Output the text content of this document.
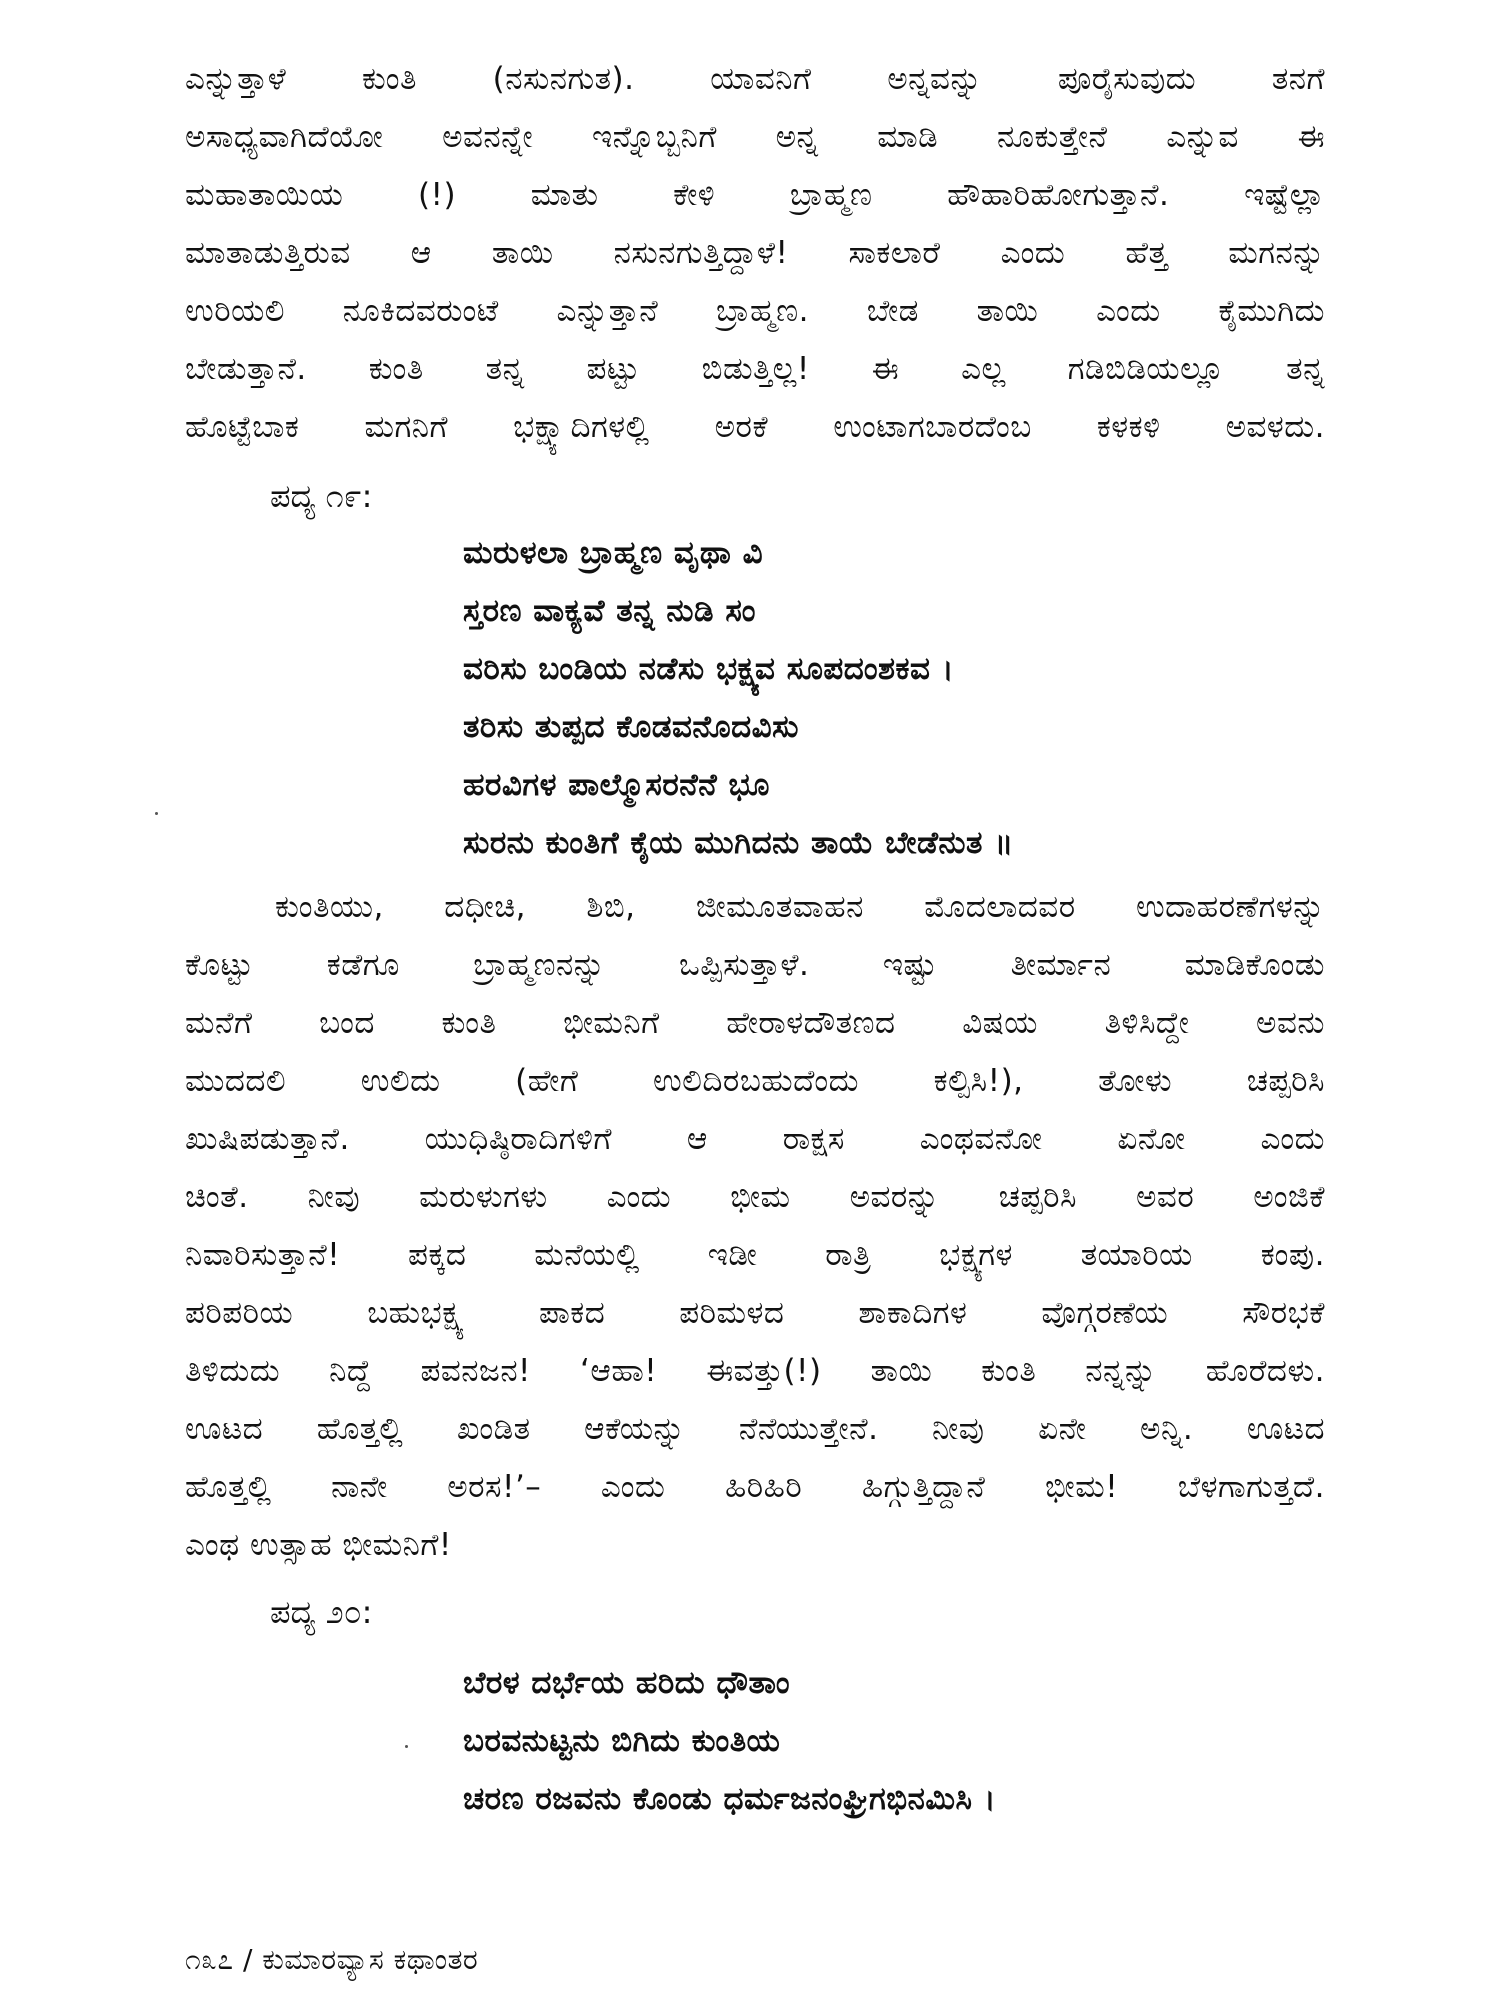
ಎನ್ನುತ್ತಾಳೆ ಕುಂತಿ (ನಸುನಗುತ). ಯಾವನಿಗೆ ಅನ್ನವನ್ನು ಪೂರೈಸುವುದು ತನಗೆ
ಅಸಾಧ್ಯವಾಗಿದೆಯೋ ಅವನನ್ನೇ ಇನ್ನೊಬ್ಬನಿಗೆ ಅನ್ನ ಮಾಡಿ ನೂಕುತ್ತೇನೆ ಎನ್ನುವ ಈ
ಮಹಾತಾಯಿಯ (!) ಮಾತು ಕೇಳಿ ಬ್ರಾಹ್ಮಣ ಹೌಹಾರಿಹೋಗುತ್ತಾನೆ. ಇಷ್ಟೆಲ್ಲಾ
ಮಾತಾಡುತ್ತಿರುವ ಆ ತಾಯಿ ನಸುನಗುತ್ತಿದ್ದಾಳೆ! ಸಾಕಲಾರೆ ಎಂದು ಹೆತ್ತ ಮಗನನ್ನು
ಉರಿಯಲಿ ನೂಕಿದವರುಂಟೆ ಎನ್ನುತ್ತಾನೆ ಬ್ರಾಹ್ಮಣ. ಬೇಡ ತಾಯಿ ಎಂದು ಕೈಮುಗಿದು
ಬೇಡುತ್ತಾನೆ. ಕುಂತಿ ತನ್ನ ಪಟ್ಟು ಬಿಡುತ್ತಿಲ್ಲ! ಈ ಎಲ್ಲ ಗಡಿಬಿಡಿಯಲ್ಲೂ ತನ್ನ
ಹೊಟ್ಟೆಬಾಕ ಮಗನಿಗೆ ಭಕ್ಷ್ಯಾದಿಗಳಲ್ಲಿ ಅರಕೆ ಉಂಟಾಗಬಾರದೆಂಬ ಕಳಕಳಿ ಅವಳದು.
ಪದ್ಯ ೧೯:
ಮರುಳಲಾ ಬ್ರಾಹ್ಮಣ ವೃಥಾ ವಿ
ಸ್ತರಣ ವಾಕ್ಯವೆ ತನ್ನ ನುಡಿ ಸಂ
ವರಿಸು ಬಂಡಿಯ ನಡೆಸು ಭಕ್ಷ್ಯವ ಸೂಪದಂಶಕವ ।
ತರಿಸು ತುಪ್ಪದ ಕೊಡವನೊದವಿಸು
ಹರವಿಗಳ ಪಾಲ್ಮೊಸರನೆನೆ ಭೂ
ಸುರನು ಕುಂತಿಗೆ ಕೈಯ ಮುಗಿದನು ತಾಯೆ ಬೇಡೆನುತ ॥
ಕುಂತಿಯು, ದಧೀಚಿ, ಶಿಬಿ, ಜೀಮೂತವಾಹನ ಮೊದಲಾದವರ ಉದಾಹರಣೆಗಳನ್ನು
ಕೊಟ್ಟು ಕಡೆಗೂ ಬ್ರಾಹ್ಮಣನನ್ನು ಒಪ್ಪಿಸುತ್ತಾಳೆ. ಇಷ್ಟು ತೀರ್ಮಾನ ಮಾಡಿಕೊಂಡು
ಮನೆಗೆ ಬಂದ ಕುಂತಿ ಭೀಮನಿಗೆ ಹೇರಾಳದೌತಣದ ವಿಷಯ ತಿಳಿಸಿದ್ದೇ ಅವನು
ಮುದದಲಿ ಉಲಿದು (ಹೇಗೆ ಉಲಿದಿರಬಹುದೆಂದು ಕಲ್ಪಿಸಿ!), ತೋಳು ಚಪ್ಪರಿಸಿ
ಖುಷಿಪಡುತ್ತಾನೆ. ಯುಧಿಷ್ಠಿರಾದಿಗಳಿಗೆ ಆ ರಾಕ್ಷಸ ಎಂಥವನೋ ಏನೋ ಎಂದು
ಚಿಂತೆ. ನೀವು ಮರುಳುಗಳು ಎಂದು ಭೀಮ ಅವರನ್ನು ಚಪ್ಪರಿಸಿ ಅವರ ಅಂಜಿಕೆ
ನಿವಾರಿಸುತ್ತಾನೆ! ಪಕ್ಕದ ಮನೆಯಲ್ಲಿ ಇಡೀ ರಾತ್ರಿ ಭಕ್ಷ್ಯಗಳ ತಯಾರಿಯ ಕಂಪು.
ಪರಿಪರಿಯ ಬಹುಭಕ್ಷ್ಯ ಪಾಕದ ಪರಿಮಳದ ಶಾಕಾದಿಗಳ ವೊಗ್ಗರಣೆಯ ಸೌರಭಕೆ
ತಿಳಿದುದು ನಿದ್ದೆ ಪವನಜನ! ‘ಆಹಾ! ಈವತ್ತು(!) ತಾಯಿ ಕುಂತಿ ನನ್ನನ್ನು ಹೊರೆದಳು.
ಊಟದ ಹೊತ್ತಲ್ಲಿ ಖಂಡಿತ ಆಕೆಯನ್ನು ನೆನೆಯುತ್ತೇನೆ. ನೀವು ಏನೇ ಅನ್ನಿ. ಊಟದ
ಹೊತ್ತಲ್ಲಿ ನಾನೇ ಅರಸ!’– ಎಂದು ಹಿರಿಹಿರಿ ಹಿಗ್ಗುತ್ತಿದ್ದಾನೆ ಭೀಮ! ಬೆಳಗಾಗುತ್ತದೆ.
ಎಂಥ ಉತ್ಸಾಹ ಭೀಮನಿಗೆ!
ಪದ್ಯ ೨೦:
ಬೆರಳ ದರ್ಭೆಯ ಹರಿದು ಧೌತಾಂ
ಬರವನುಟ್ಟನು ಬಿಗಿದು ಕುಂತಿಯ
ಚರಣ ರಜವನು ಕೊಂಡು ಧರ್ಮಜನಂಘ್ರಿಗಭಿನಮಿಸಿ ।
೧೩೭ / ಕುಮಾರವ್ಯಾಸ ಕಥಾಂತರ
